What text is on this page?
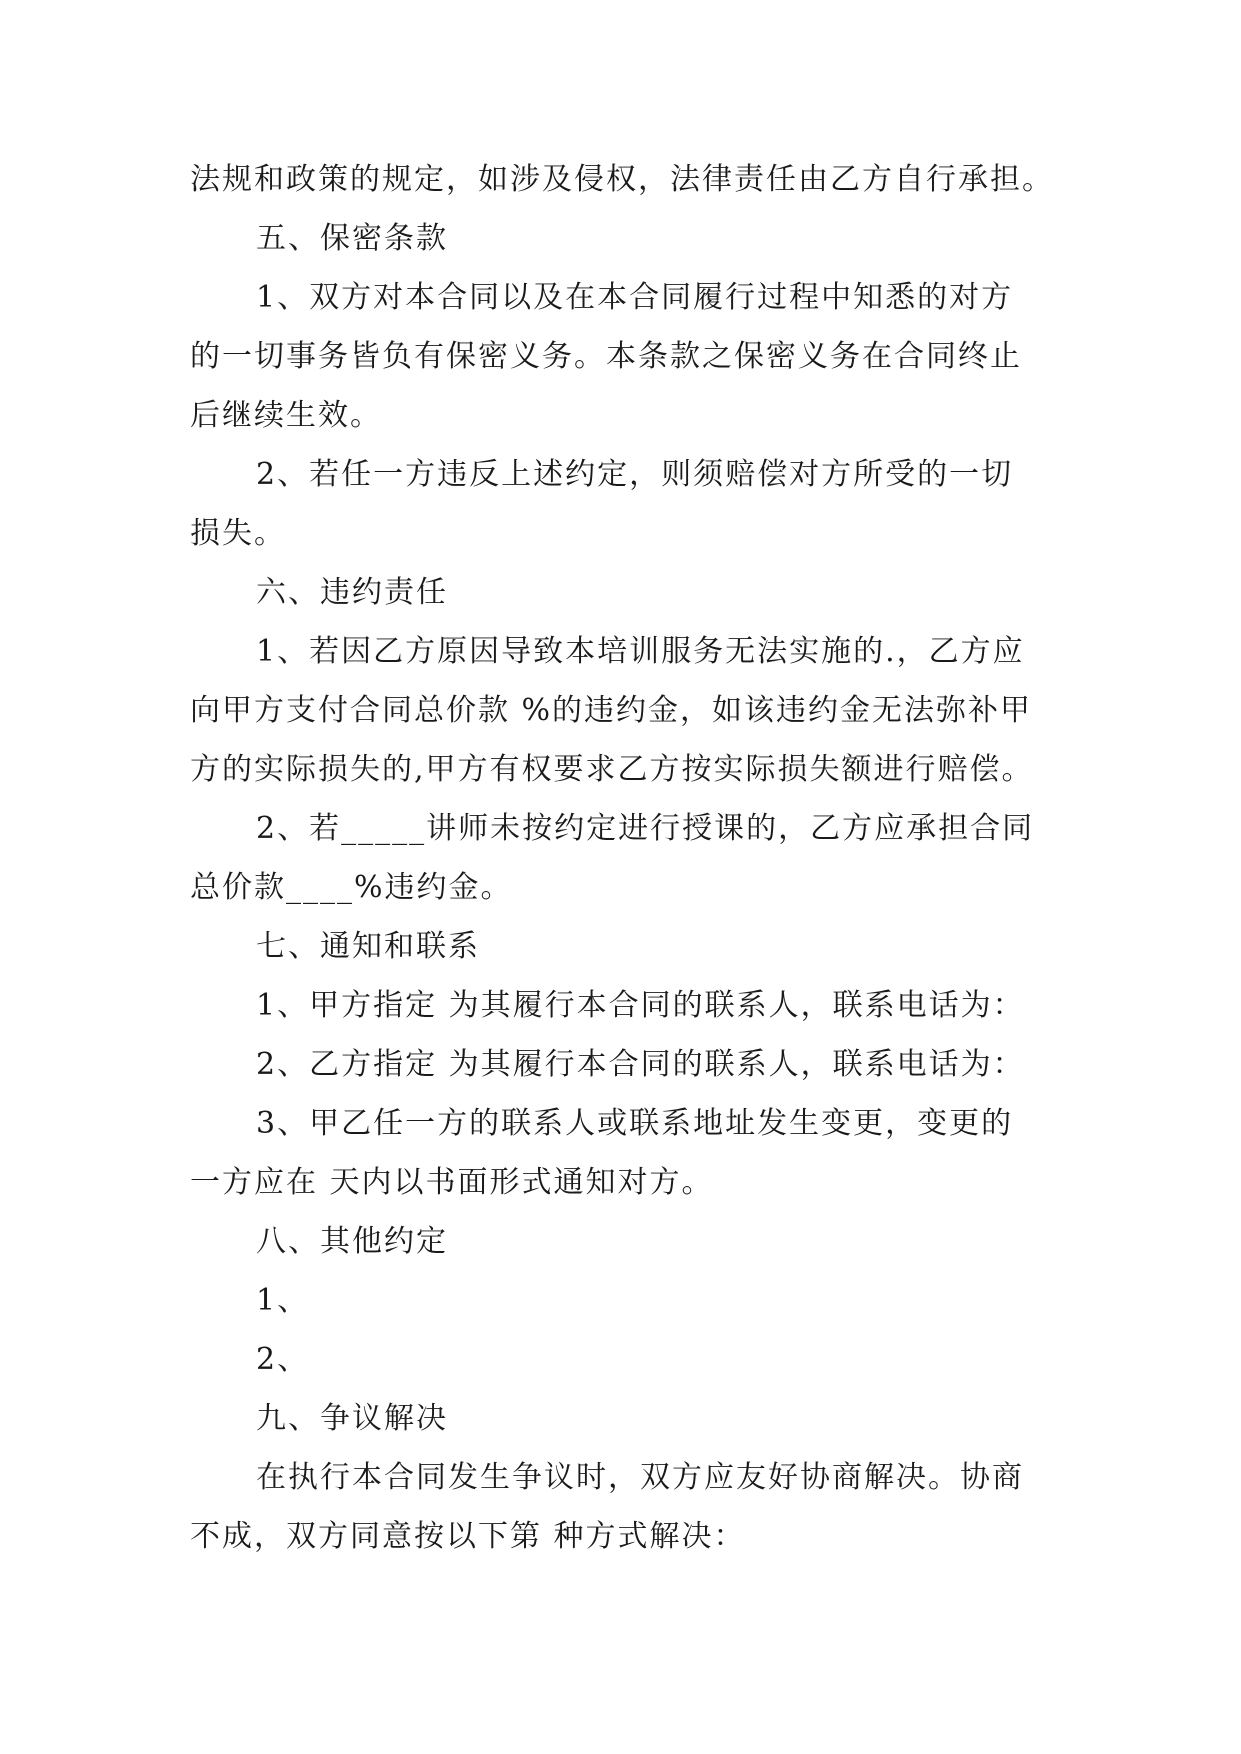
法规和政策的规定，如涉及侵权，法律责任由乙方自行承担。

五、保密条款

1、双方对本合同以及在本合同履行过程中知悉的对方

的一切事务皆负有保密义务。本条款之保密义务在合同终止

后继续生效。

2、若任一方违反上述约定，则须赔偿对方所受的一切

损失。

六、违约责任

1、若因乙方原因导致本培训服务无法实施的.，乙方应

向甲方支付合同总价款 %的违约金，如该违约金无法弥补甲

方的实际损失的,甲方有权要求乙方按实际损失额进行赔偿。

2、若_____讲师未按约定进行授课的，乙方应承担合同

总价款____%违约金。

七、通知和联系

1、甲方指定 为其履行本合同的联系人，联系电话为：

2、乙方指定 为其履行本合同的联系人，联系电话为：

3、甲乙任一方的联系人或联系地址发生变更，变更的

一方应在 天内以书面形式通知对方。

八、其他约定

1、

2、

九、争议解决

在执行本合同发生争议时，双方应友好协商解决。协商

不成，双方同意按以下第 种方式解决：
